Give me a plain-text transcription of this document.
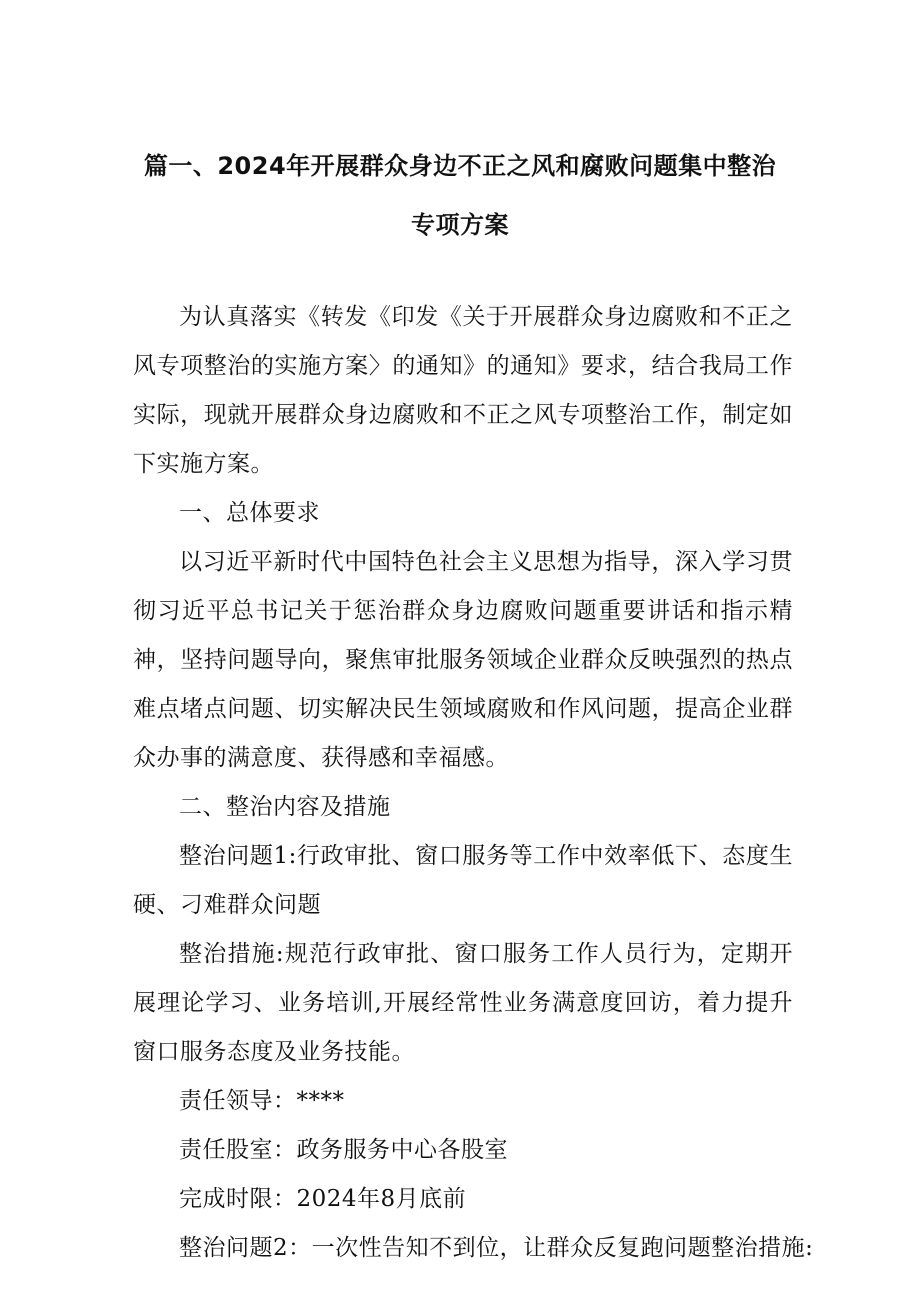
篇一、2024年开展群众身边不正之风和腐败问题集中整治
专项方案

为认真落实《转发《印发《关于开展群众身边腐败和不正之风专项整治的实施方案〉的通知》的通知》要求，结合我局工作实际，现就开展群众身边腐败和不正之风专项整治工作，制定如下实施方案。

一、总体要求

以习近平新时代中国特色社会主义思想为指导，深入学习贯彻习近平总书记关于惩治群众身边腐败问题重要讲话和指示精神，坚持问题导向，聚焦审批服务领域企业群众反映强烈的热点难点堵点问题、切实解决民生领域腐败和作风问题，提高企业群众办事的满意度、获得感和幸福感。

二、整治内容及措施

整治问题1:行政审批、窗口服务等工作中效率低下、态度生硬、刁难群众问题

整治措施:规范行政审批、窗口服务工作人员行为，定期开展理论学习、业务培训,开展经常性业务满意度回访，着力提升窗口服务态度及业务技能。

责任领导：****

责任股室：政务服务中心各股室

完成时限：2024年8月底前

整治问题2：一次性告知不到位，让群众反复跑问题整治措施:
